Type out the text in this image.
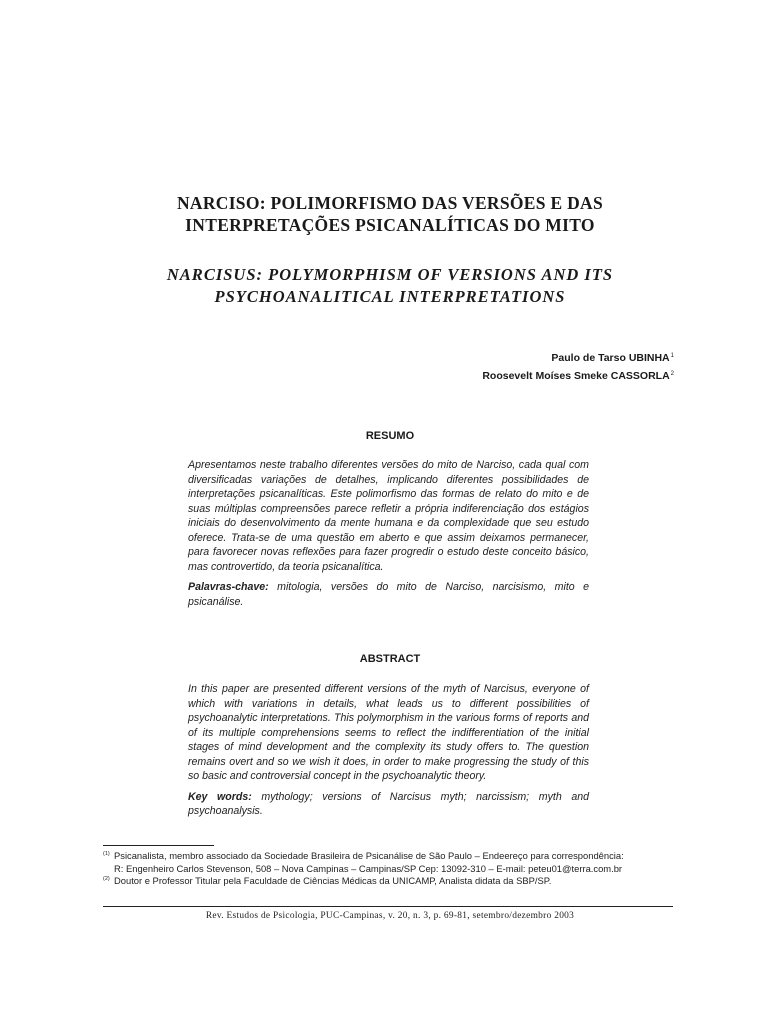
NARCISO: POLIMORFISMO DAS VERSÕES E DAS
INTERPRETAÇÕES PSICANALÍTICAS DO MITO
NARCISUS: POLYMORPHISM OF VERSIONS AND ITS
PSYCHOANALITICAL INTERPRETATIONS
Paulo de Tarso UBINHA$^1$
Roosevelt Moíses Smeke CASSORLA$^2$
RESUMO

Apresentamos neste trabalho diferentes versões do mito de Narciso, cada qual com diversificadas variações de detalhes, implicando diferentes possibilidades de interpretações psicanalíticas. Este polimorfismo das formas de relato do mito e de suas múltiplas compreensões parece refletir a própria indiferenciação dos estágios iniciais do desenvolvimento da mente humana e da complexidade que seu estudo oferece. Trata-se de uma questão em aberto e que assim deixamos permanecer, para favorecer novas reflexões para fazer progredir o estudo deste conceito básico, mas controvertido, da teoria psicanalítica.

Palavras-chave: mitologia, versões do mito de Narciso, narcisismo, mito e psicanálise.

ABSTRACT

In this paper are presented different versions of the myth of Narcisus, everyone of which with variations in details, what leads us to different possibilities of psychoanalytic interpretations. This polymorphism in the various forms of reports and of its multiple comprehensions seems to reflect the indifferentiation of the initial stages of mind development and the complexity its study offers to. The question remains overt and so we wish it does, in order to make progressing the study of this so basic and controversial concept in the psychoanalytic theory.

Key words: mythology; versions of Narcisus myth; narcissism; myth and psychoanalysis.

(1) Psicanalista, membro associado da Sociedade Brasileira de Psicanálise de São Paulo – Endeereço para correspondência:
R: Engenheiro Carlos Stevenson, 508 – Nova Campinas – Campinas/SP Cep: 13092-310 – E-mail: peteu01@terra.com.br
(2) Doutor e Professor Titular pela Faculdade de Ciências Médicas da UNICAMP, Analista didata da SBP/SP.
Rev. Estudos de Psicologia, PUC-Campinas, v. 20, n. 3, p. 69-81, setembro/dezembro 2003
